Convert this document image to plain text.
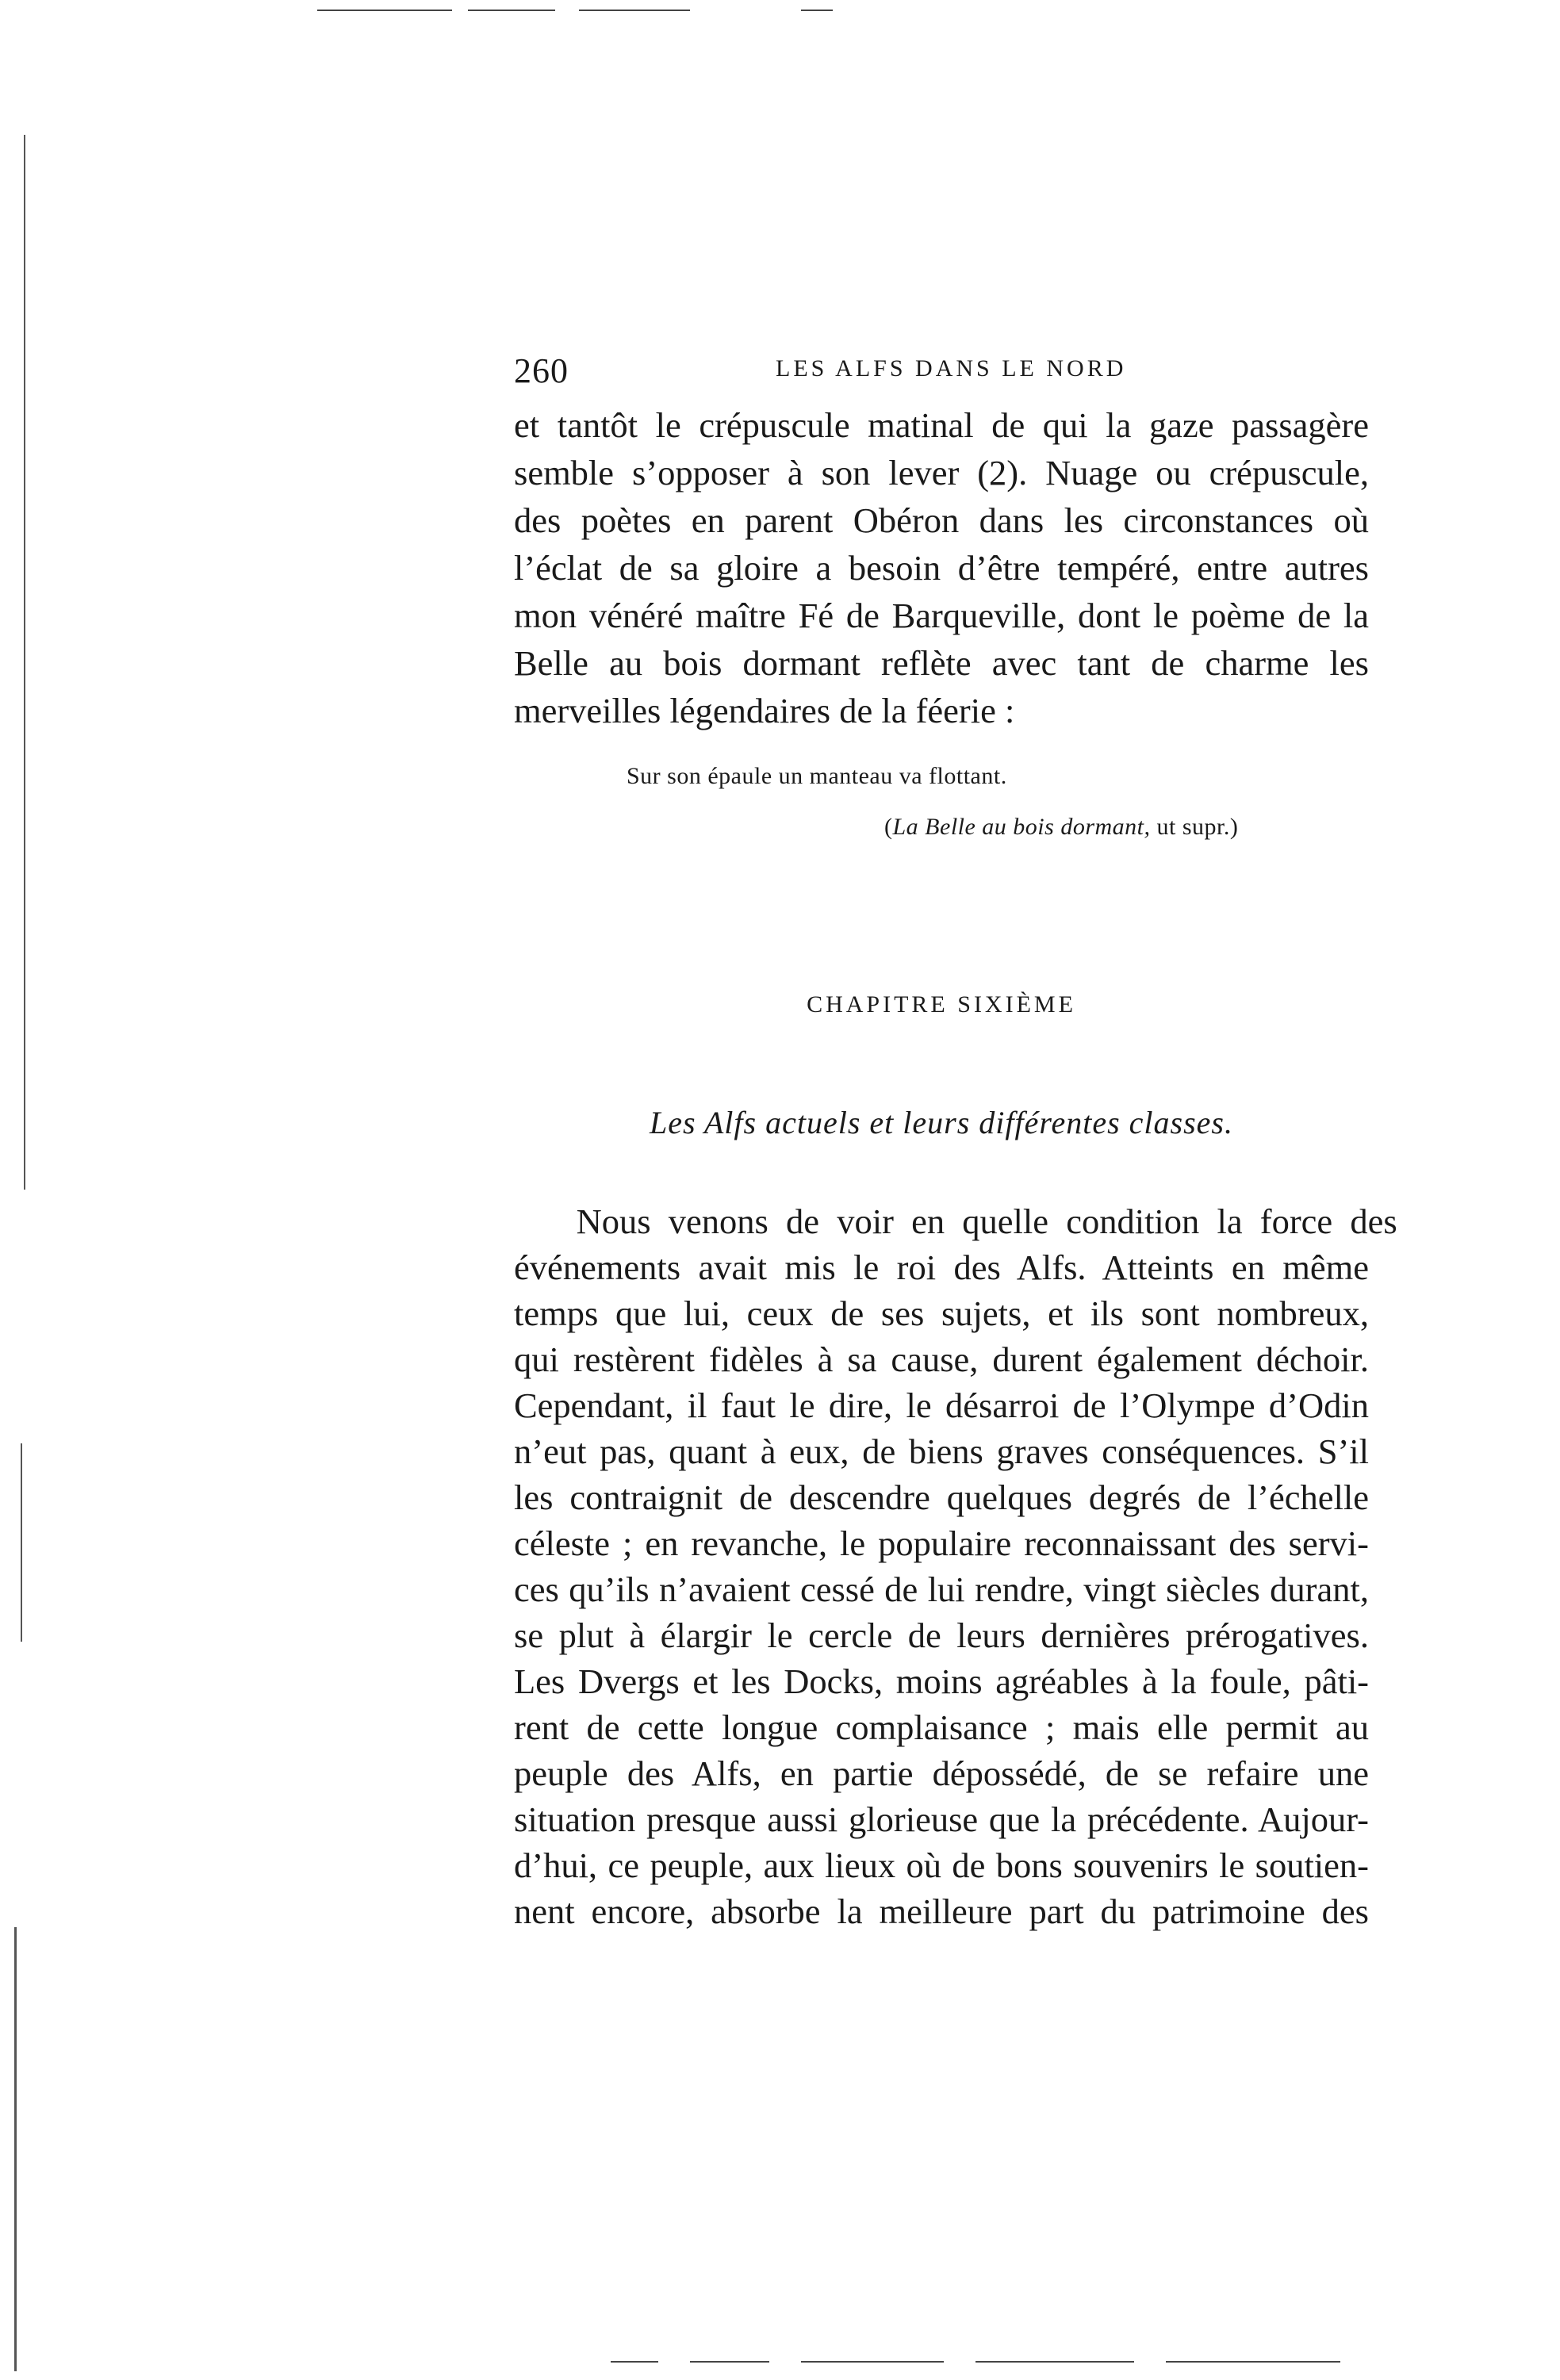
260	LES ALFS DANS LE NORD
et tantôt le crépuscule matinal de qui la gaze passagère
semble s’opposer à son lever (2). Nuage ou crépuscule,
des poètes en parent Obéron dans les circonstances où
l’éclat de sa gloire a besoin d’être tempéré, entre autres
mon vénéré maître Fé de Barqueville, dont le poème de la
Belle au bois dormant reflète avec tant de charme les
merveilles légendaires de la féerie :
Sur son épaule un manteau va flottant.
(La Belle au bois dormant, ut supr.)
CHAPITRE SIXIÈME
Les Alfs actuels et leurs différentes classes.
Nous venons de voir en quelle condition la force des
événements avait mis le roi des Alfs. Atteints en même
temps que lui, ceux de ses sujets, et ils sont nombreux,
qui restèrent fidèles à sa cause, durent également déchoir.
Cependant, il faut le dire, le désarroi de l’Olympe d’Odin
n’eut pas, quant à eux, de biens graves conséquences. S’il
les contraignit de descendre quelques degrés de l’échelle
céleste ; en revanche, le populaire reconnaissant des servi-
ces qu’ils n’avaient cessé de lui rendre, vingt siècles durant,
se plut à élargir le cercle de leurs dernières prérogatives.
Les Dvergs et les Docks, moins agréables à la foule, pâti-
rent de cette longue complaisance ; mais elle permit au
peuple des Alfs, en partie dépossédé, de se refaire une
situation presque aussi glorieuse que la précédente. Aujour-
d’hui, ce peuple, aux lieux où de bons souvenirs le soutien-
nent encore, absorbe la meilleure part du patrimoine des
